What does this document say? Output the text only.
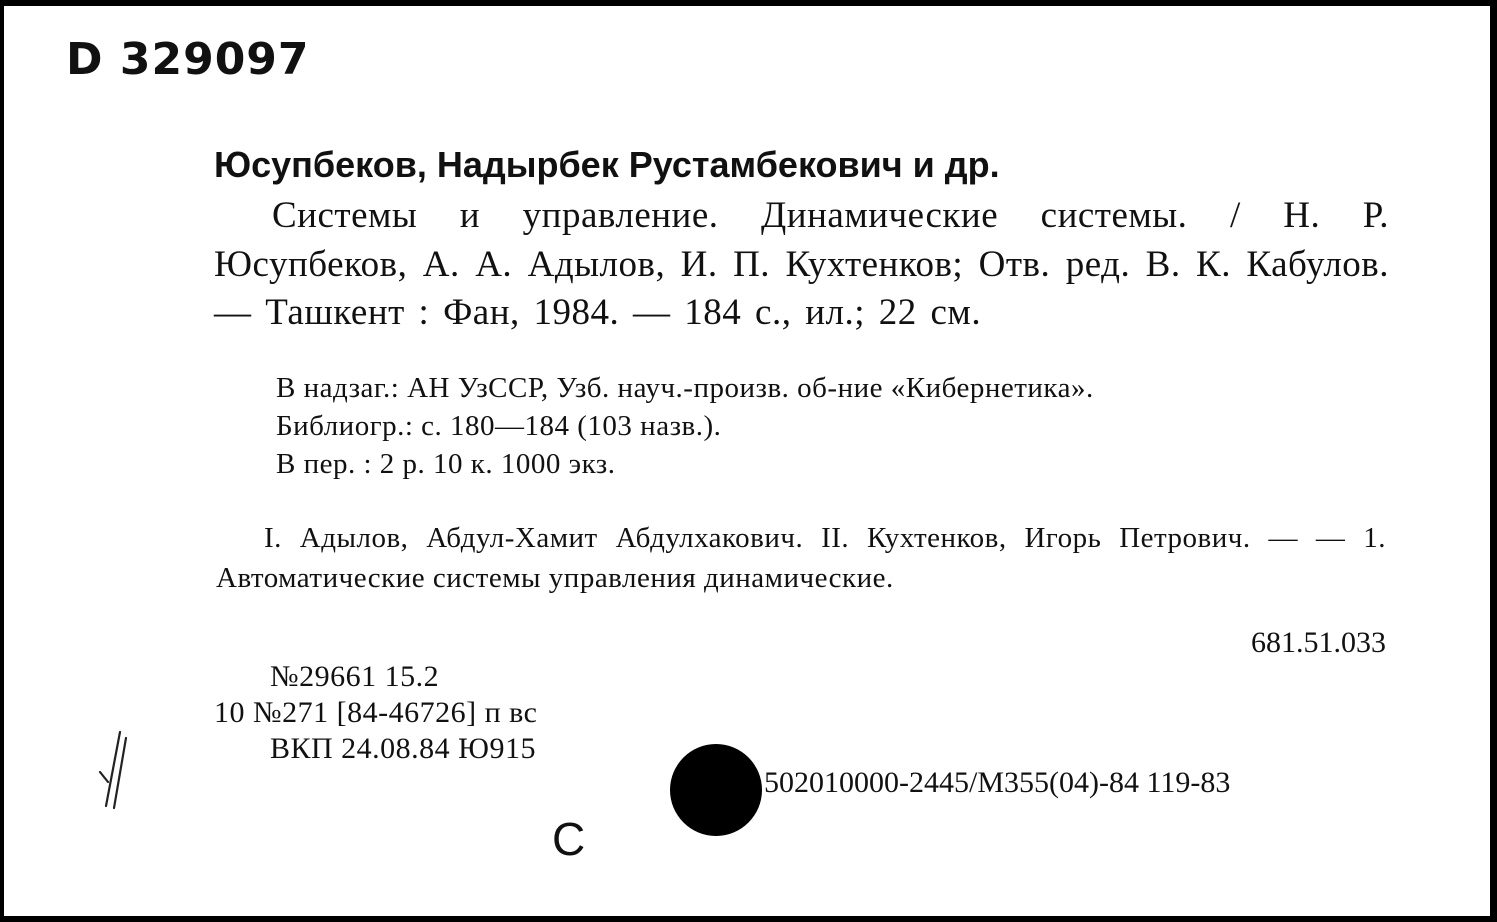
D 329097
Юсупбеков, Надырбек Рустамбекович и др.
Системы и управление. Динамические системы. / Н. Р. Юсупбеков, А. А. Адылов, И. П. Кухтенков; Отв. ред. В. К. Кабулов. — Ташкент : Фан, 1984. — 184 с., ил.; 22 см.
В надзаг.: АН УзССР, Узб. науч.-произв. об-ние «Кибернетика».
Библиогр.: с. 180—184 (103 назв.).
В пер. : 2 р. 10 к. 1000 экз.
I. Адылов, Абдул-Хамит Абдулхакович. II. Кухтенков, Игорь Петрович. — — 1. Автоматические системы управления динамические.
681.51.033
№29661 15.2
10 №271 [84-46726] п вс
ВКП 24.08.84 Ю915
502010000-2445/М355(04)-84 119-83
С
